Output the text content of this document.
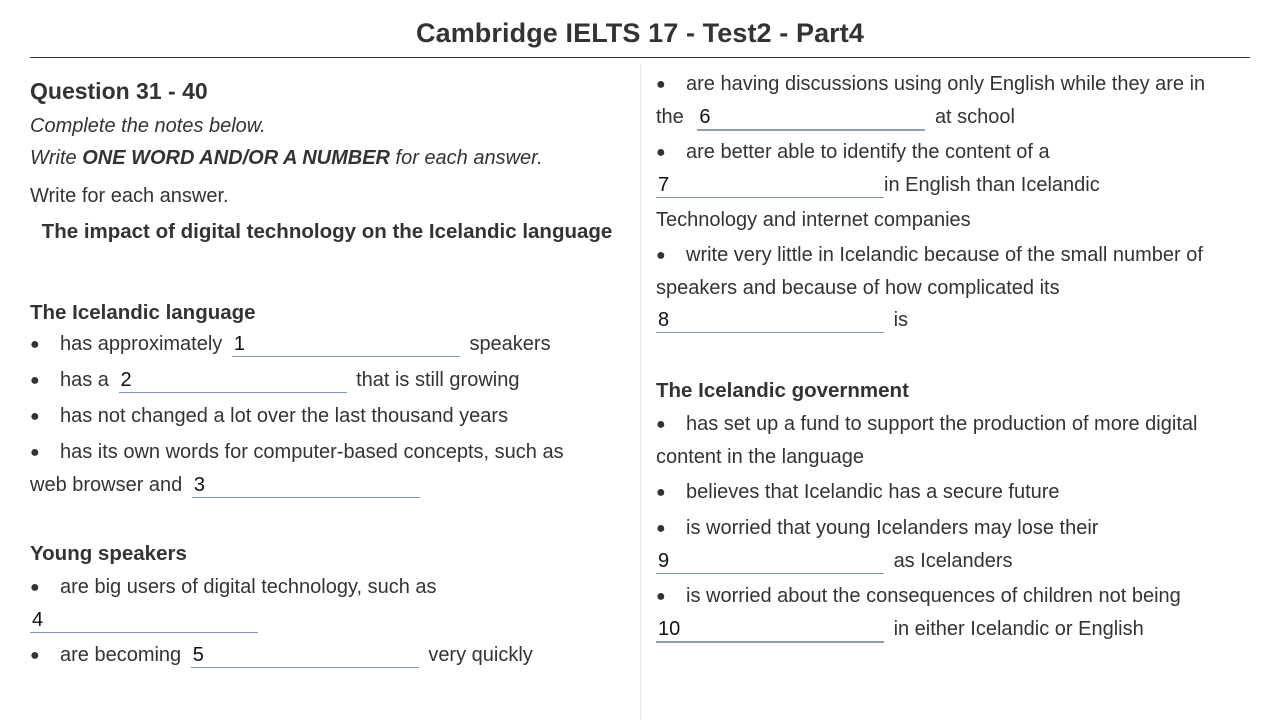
Cambridge IELTS 17 - Test2 - Part4
Question 31 - 40
Complete the notes below.
Write ONE WORD AND/OR A NUMBER for each answer.
Write for each answer.
The impact of digital technology on the Icelandic language
The Icelandic language
● has approximately 1	speakers
● has a 2	that is still growing
● has not changed a lot over the last thousand years
● has its own words for computer-based concepts, such as
web browser and 3
Young speakers
● are big users of digital technology, such as
4
● are becoming 5	very quickly
● are having discussions using only English while they are in
the 6	at school
● are better able to identify the content of a
7in English than Icelandic
Technology and internet companies
● write very little in Icelandic because of the small number of
speakers and because of how complicated its
8 is
The Icelandic government
● has set up a fund to support the production of more digital
content in the language
● believes that Icelandic has a secure future
● is worried that young Icelanders may lose their
9 as Icelanders
● is worried about the consequences of children not being
10 in either Icelandic or English
